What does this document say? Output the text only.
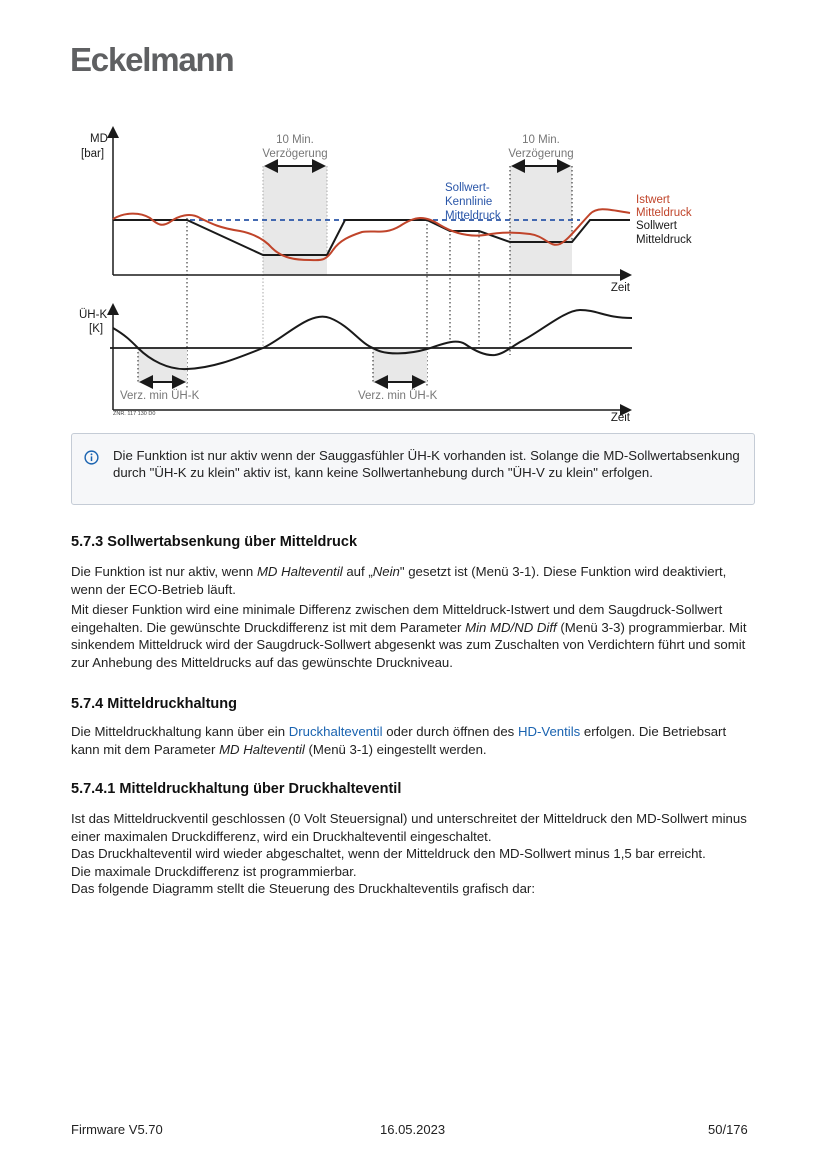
Eckelmann
MD
[bar]
10 Min.
Verzögerung
10 Min.
Verzögerung
Sollwert-
Kennlinie
Mitteldruck
Istwert
Mitteldruck
Sollwert
Mitteldruck
Zeit
ÜH-K
[K]
Verz. min ÜH-K	Verz. min ÜH-K
Zeit
ZNR. 117 130 D0
Die Funktion ist nur aktiv wenn der Sauggasfühler ÜH-K vorhanden ist. Solange die MD-Sollwertabsenkung durch "ÜH-K zu klein" aktiv ist, kann keine Sollwertanhebung durch "ÜH-V zu klein" erfolgen.
5.7.3 Sollwertabsenkung über Mitteldruck

Die Funktion ist nur aktiv, wenn MD Halteventil auf „Nein" gesetzt ist (Menü 3-1). Diese Funktion wird deaktiviert, wenn der ECO-Betrieb läuft.

Mit dieser Funktion wird eine minimale Differenz zwischen dem Mitteldruck-Istwert und dem Saugdruck-Sollwert eingehalten. Die gewünschte Druckdifferenz ist mit dem Parameter Min MD/ND Diff (Menü 3-3) programmierbar. Mit sinkendem Mitteldruck wird der Saugdruck-Sollwert abgesenkt was zum Zuschalten von Verdichtern führt und somit zur Anhebung des Mitteldrucks auf das gewünschte Druckniveau.

5.7.4 Mitteldruckhaltung

Die Mitteldruckhaltung kann über ein Druckhalteventil oder durch öffnen des HD-Ventils erfolgen. Die Betriebsart kann mit dem Parameter MD Halteventil (Menü 3-1) eingestellt werden.

5.7.4.1 Mitteldruckhaltung über Druckhalteventil

Ist das Mitteldruckventil geschlossen (0 Volt Steuersignal) und unterschreitet der Mitteldruck den MD-Sollwert minus einer maximalen Druckdifferenz, wird ein Druckhalteventil eingeschaltet.
Das Druckhalteventil wird wieder abgeschaltet, wenn der Mitteldruck den MD-Sollwert minus 1,5 bar erreicht.
Die maximale Druckdifferenz ist programmierbar.
Das folgende Diagramm stellt die Steuerung des Druckhalteventils grafisch dar:

Firmware V5.70	16.05.2023	50/176
